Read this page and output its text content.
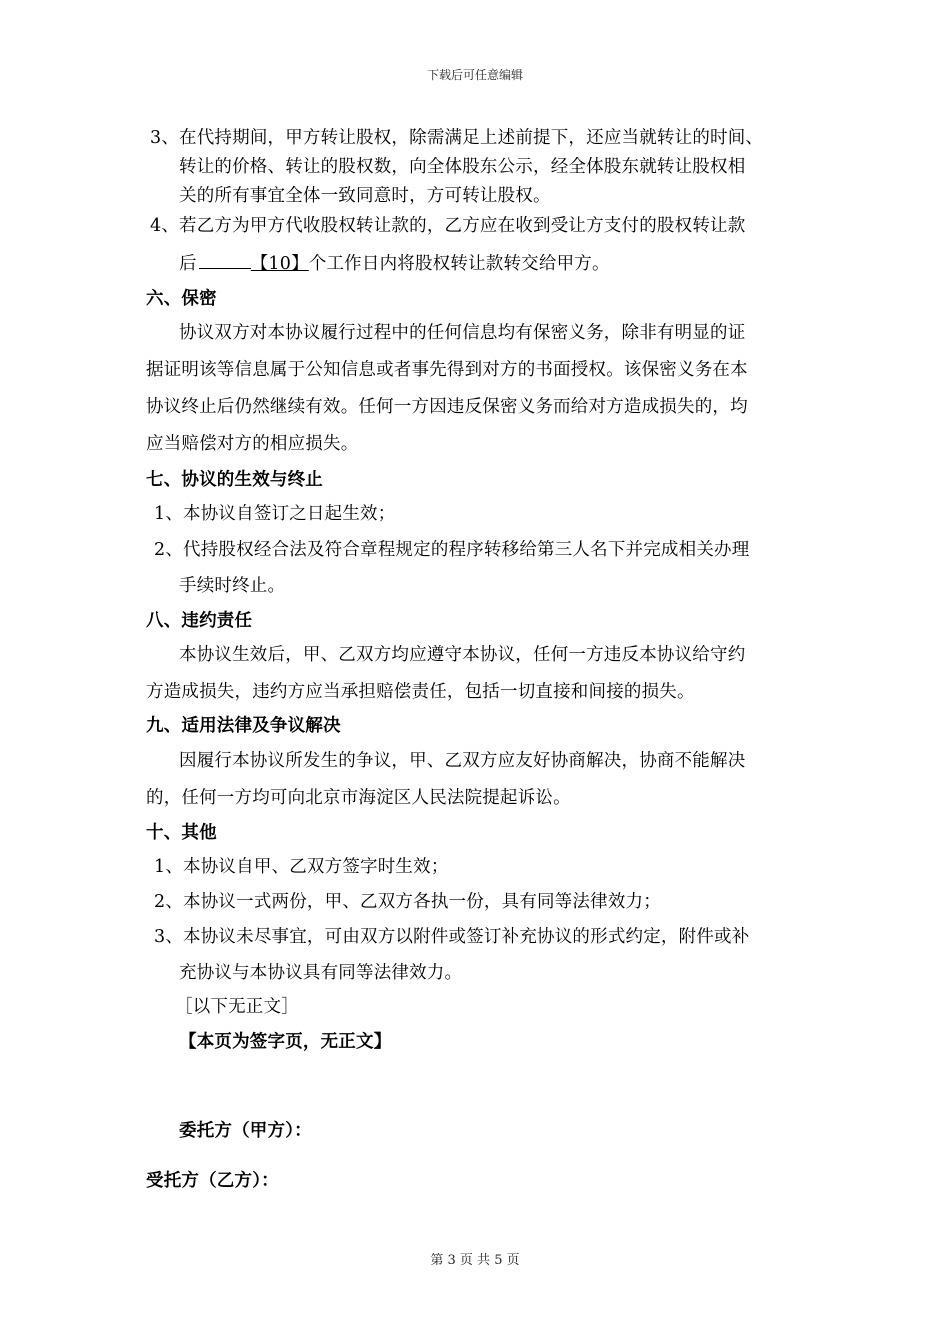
下载后可任意编辑
3、在代持期间，甲方转让股权，除需满足上述前提下，还应当就转让的时间、
转让的价格、转让的股权数，向全体股东公示，经全体股东就转让股权相
关的所有事宜全体一致同意时，方可转让股权。
4、若乙方为甲方代收股权转让款的，乙方应在收到受让方支付的股权转让款
后	【10】个工作日内将股权转让款转交给甲方。
六、保密
协议双方对本协议履行过程中的任何信息均有保密义务，除非有明显的证
据证明该等信息属于公知信息或者事先得到对方的书面授权。该保密义务在本
协议终止后仍然继续有效。任何一方因违反保密义务而给对方造成损失的，均
应当赔偿对方的相应损失。
七、协议的生效与终止
1、本协议自签订之日起生效；
2、代持股权经合法及符合章程规定的程序转移给第三人名下并完成相关办理
手续时终止。
八、违约责任
本协议生效后，甲、乙双方均应遵守本协议，任何一方违反本协议给守约
方造成损失，违约方应当承担赔偿责任，包括一切直接和间接的损失。
九、适用法律及争议解决
因履行本协议所发生的争议，甲、乙双方应友好协商解决，协商不能解决
的，任何一方均可向北京市海淀区人民法院提起诉讼。
十、其他
1、本协议自甲、乙双方签字时生效；
2、本协议一式两份，甲、乙双方各执一份，具有同等法律效力；
3、本协议未尽事宜，可由双方以附件或签订补充协议的形式约定，附件或补
充协议与本协议具有同等法律效力。
［以下无正文］
【本页为签字页，无正文】
委托方（甲方）：
受托方（乙方）：
第 3 页 共 5 页
